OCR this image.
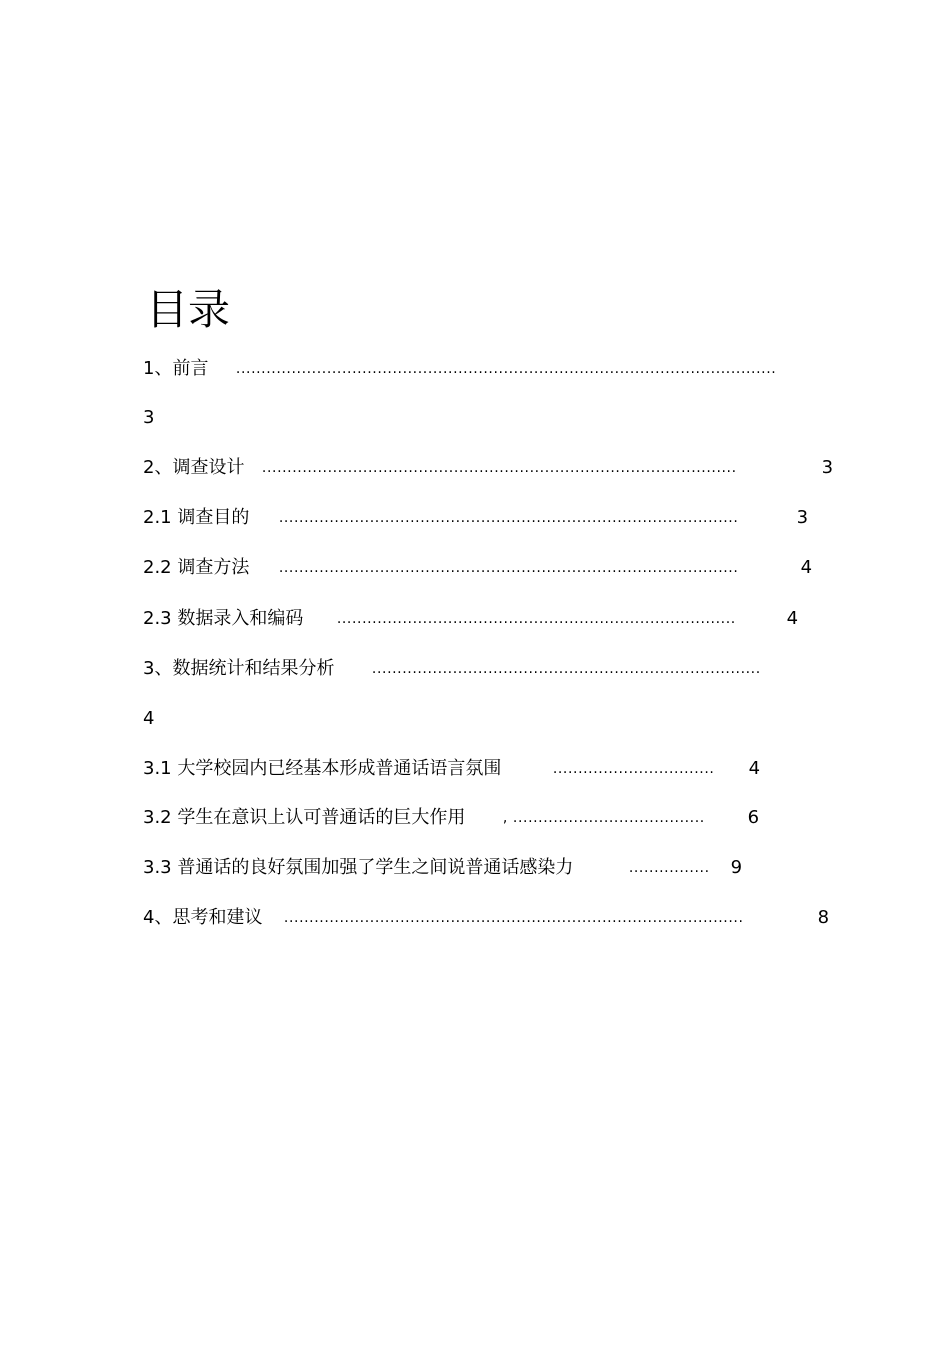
目录
1、前言 ...........................................................................................................
3
2、调查设计 ..............................................................................................	3
2.1 调查目的 ...........................................................................................	3
2.2 调查方法 ...........................................................................................	4
2.3 数据录入和编码 ...............................................................................	4
3、数据统计和结果分析	.............................................................................
4
3.1 大学校园内已经基本形成普通话语言氛围	................................ 4
3.2 学生在意识上认可普通话的巨大作用	, ...................................... 6
3.3 普通话的良好氛围加强了学生之间说普通话感染力	................ 9
4、思考和建议 ...........................................................................................	8
